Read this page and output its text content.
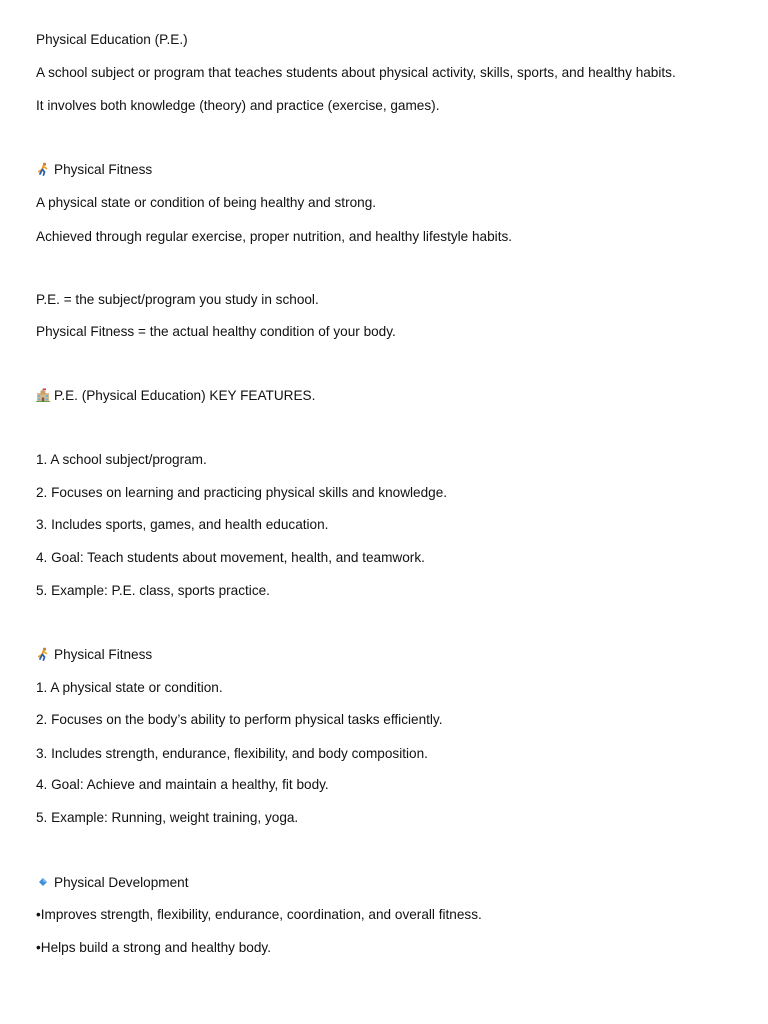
Physical Education (P.E.)
A school subject or program that teaches students about physical activity, skills, sports, and healthy habits.
It involves both knowledge (theory) and practice (exercise, games).
Physical Fitness
A physical state or condition of being healthy and strong.
Achieved through regular exercise, proper nutrition, and healthy lifestyle habits.
P.E. = the subject/program you study in school.
Physical Fitness = the actual healthy condition of your body.
P.E. (Physical Education) KEY FEATURES.
1. A school subject/program.
2. Focuses on learning and practicing physical skills and knowledge.
3. Includes sports, games, and health education.
4. Goal: Teach students about movement, health, and teamwork.
5. Example: P.E. class, sports practice.
Physical Fitness
1. A physical state or condition.
2. Focuses on the body’s ability to perform physical tasks efficiently.
3. Includes strength, endurance, flexibility, and body composition.
4. Goal: Achieve and maintain a healthy, fit body.
5. Example: Running, weight training, yoga.
Physical Development
•Improves strength, flexibility, endurance, coordination, and overall fitness.
•Helps build a strong and healthy body.
